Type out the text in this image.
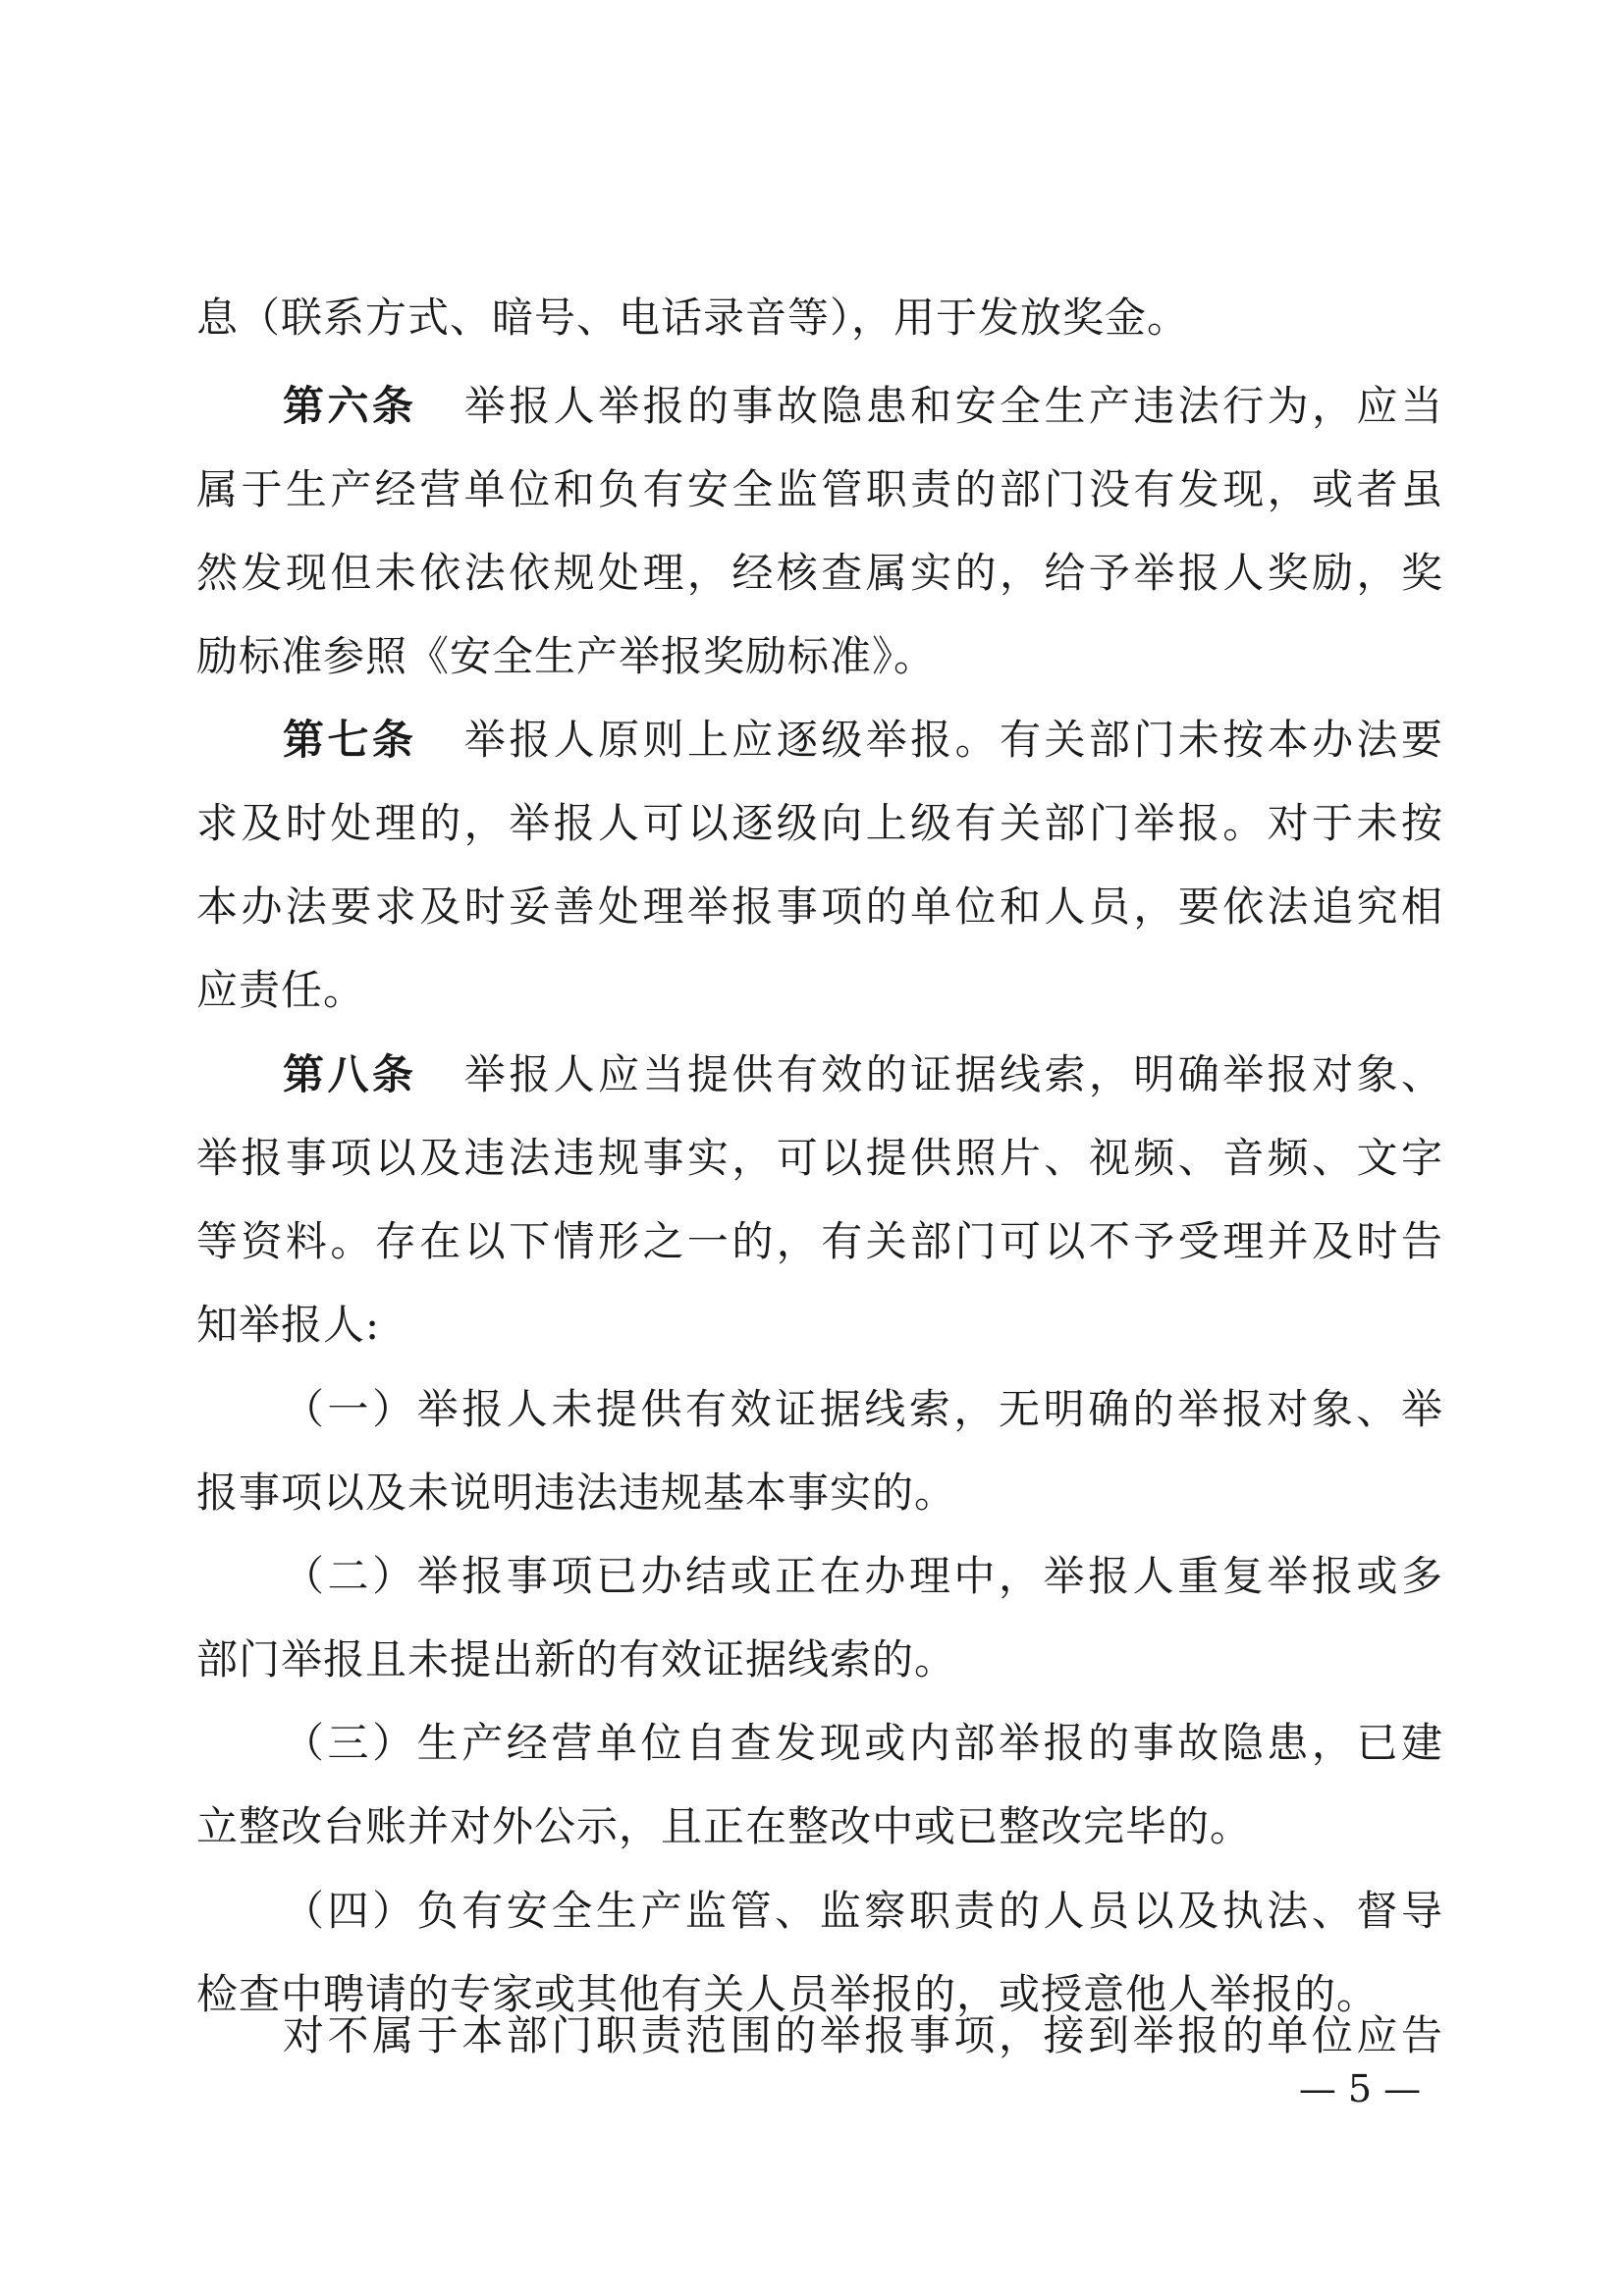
息（联系方式、暗号、电话录音等），用于发放奖金。
第六条 举报人举报的事故隐患和安全生产违法行为，应当
属于生产经营单位和负有安全监管职责的部门没有发现，或者虽
然发现但未依法依规处理，经核查属实的，给予举报人奖励，奖
励标准参照《安全生产举报奖励标准》。
第七条 举报人原则上应逐级举报。有关部门未按本办法要
求及时处理的，举报人可以逐级向上级有关部门举报。对于未按
本办法要求及时妥善处理举报事项的单位和人员，要依法追究相
应责任。
第八条 举报人应当提供有效的证据线索，明确举报对象、
举报事项以及违法违规事实，可以提供照片、视频、音频、文字
等资料。存在以下情形之一的，有关部门可以不予受理并及时告
知举报人:
（一）举报人未提供有效证据线索，无明确的举报对象、举
报事项以及未说明违法违规基本事实的。
（二）举报事项已办结或正在办理中，举报人重复举报或多
部门举报且未提出新的有效证据线索的。
（三）生产经营单位自查发现或内部举报的事故隐患，已建
立整改台账并对外公示，且正在整改中或已整改完毕的。
（四）负有安全生产监管、监察职责的人员以及执法、督导
检查中聘请的专家或其他有关人员举报的，或授意他人举报的。
对不属于本部门职责范围的举报事项，接到举报的单位应告
— 5 —
